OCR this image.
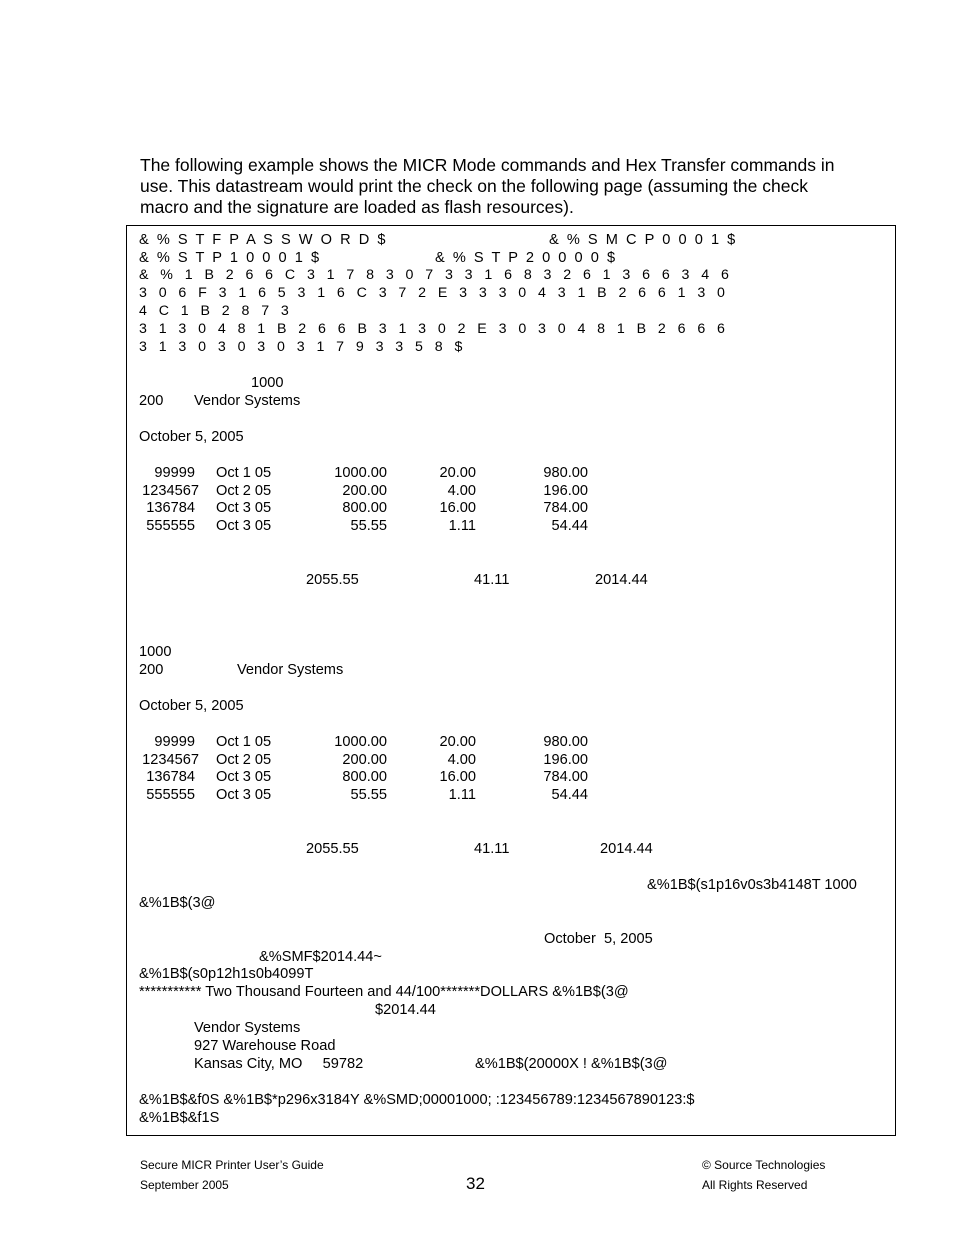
The following example shows the MICR Mode commands and Hex Transfer commands in
use. This datastream would print the check on the following page (assuming the check
macro and the signature are loaded as flash resources).
&  %  S  T  F  P  A  S  S  W  O  R  D  $	&  %  S  M  C  P  0  0  0  1  $
&  %  S  T  P  1  0  0  0  1  $	&  %  S  T  P  2  0  0  0  0  $
&   %   1   B   2   6   6   C   3   1   7   8   3   0   7   3   3   1   6   8   3   2   6   1   3   6   6   3   4   6
3   0   6   F   3   1   6   5   3   1   6   C   3   7   2   E   3   3   3   0   4   3   1   B   2   6   6   1   3   0
4   C   1   B   2   8   7   3
3   1   3   0   4   8   1   B   2   6   6   B   3   1   3   0   2   E   3   0   3   0   4   8   1   B   2   6   6   6
3   1   3   0   3   0   3   0   3   1   7   9   3   3   5   8   $
1000
200 Vendor Systems
October 5, 2005
99999 Oct 1 05	1000.00	20.00	980.00
1234567 Oct 2 05	200.00	4.00	196.00
136784 Oct 3 05	800.00	16.00	784.00
555555 Oct 3 05	55.55	1.11	54.44
2055.55	41.11	2014.44
1000
200	Vendor Systems
October 5, 2005
99999 Oct 1 05	1000.00	20.00	980.00
1234567 Oct 2 05	200.00	4.00	196.00
136784 Oct 3 05	800.00	16.00	784.00
555555 Oct 3 05	55.55	1.11	54.44
2055.55	41.11	2014.44
&%1B$(s1p16v0s3b4148T 1000
&%1B$(3@
October  5, 2005
&%SMF$2014.44~
&%1B$(s0p12h1s0b4099T
*********** Two Thousand Fourteen and 44/100*******DOLLARS &%1B$(3@
$2014.44
Vendor Systems
927 Warehouse Road
Kansas City, MO     59782	&%1B$(20000X ! &%1B$(3@
&%1B$&f0S &%1B$*p296x3184Y &%SMD;00001000; :123456789:1234567890123:$
&%1B$&f1S
Secure MICR Printer User’s Guide
September 2005	32
© Source Technologies
All Rights Reserved
